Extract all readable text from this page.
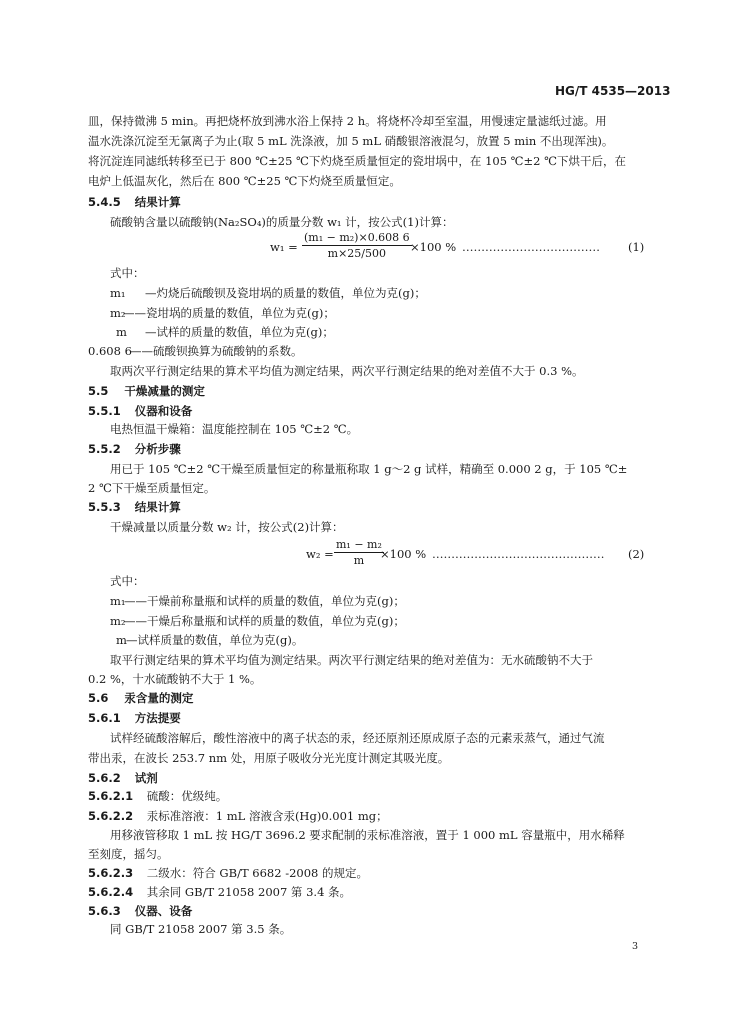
HG/T 4535—2013
皿，保持微沸 5 min。再把烧杯放到沸水浴上保持 2 h。将烧杯冷却至室温，用慢速定量滤纸过滤。用
温水洗涤沉淀至无氯离子为止(取 5 mL 洗涤液，加 5 mL 硝酸银溶液混匀，放置 5 min 不出现浑浊)。
将沉淀连同滤纸转移至已于 800 ℃±25 ℃下灼烧至质量恒定的瓷坩埚中，在 105 ℃±2 ℃下烘干后，在
电炉上低温灰化，然后在 800 ℃±25 ℃下灼烧至质量恒定。
5.4.5 结果计算
硫酸钠含量以硫酸钠(Na₂SO₄)的质量分数 w₁ 计，按公式(1)计算：
$w_1 = \frac{\text{(m₁ − m₂)×0.608 6}}{m\times 25/500}$
×100 % ………………………………	(1)
式中：
m₁ —灼烧后硫酸钡及瓷坩埚的质量的数值，单位为克(g)；
m₂
——瓷坩埚的质量的数值，单位为克(g)；
m —试样的质量的数值，单位为克(g)；
0.608 6
——硫酸钡换算为硫酸钠的系数。
取两次平行测定结果的算术平均值为测定结果，两次平行测定结果的绝对差值不大于 0.3 %。
5.5 干燥减量的测定
5.5.1 仪器和设备
电热恒温干燥箱：温度能控制在 105 ℃±2 ℃。
5.5.2 分析步骤
用已于 105 ℃±2 ℃干燥至质量恒定的称量瓶称取 1 g～2 g 试样，精确至 0.000 2 g，于 105 ℃±
2 ℃下干燥至质量恒定。
5.5.3 结果计算
干燥减量以质量分数 w₂ 计，按公式(2)计算：
$w_2 = \frac{\text{m₁ − m₂}}{m}$
×100 % ………………………………………	(2)
式中：
m₁
——干燥前称量瓶和试样的质量的数值，单位为克(g)；
m₂
——干燥后称量瓶和试样的质量的数值，单位为克(g)；
m —试样质量的数值，单位为克(g)。
取平行测定结果的算术平均值为测定结果。两次平行测定结果的绝对差值为：无水硫酸钠不大于
0.2 %，十水硫酸钠不大于 1 %。
5.6 汞含量的测定
5.6.1 方法提要
试样经硫酸溶解后，酸性溶液中的离子状态的汞，经还原剂还原成原子态的元素汞蒸气，通过气流
带出汞，在波长 253.7 nm 处，用原子吸收分光光度计测定其吸光度。
5.6.2 试剂
5.6.2.1 硫酸：优级纯。
5.6.2.2 汞标准溶液：1 mL 溶液含汞(Hg)0.001 mg；
用移液管移取 1 mL 按 HG/T 3696.2 要求配制的汞标准溶液，置于 1 000 mL 容量瓶中，用水稀释
至刻度，摇匀。
5.6.2.3 二级水：符合 GB/T 6682 -2008 的规定。
5.6.2.4 其余同 GB/T 21058 2007 第 3.4 条。
5.6.3 仪器、设备
同 GB/T 21058 2007 第 3.5 条。
3
